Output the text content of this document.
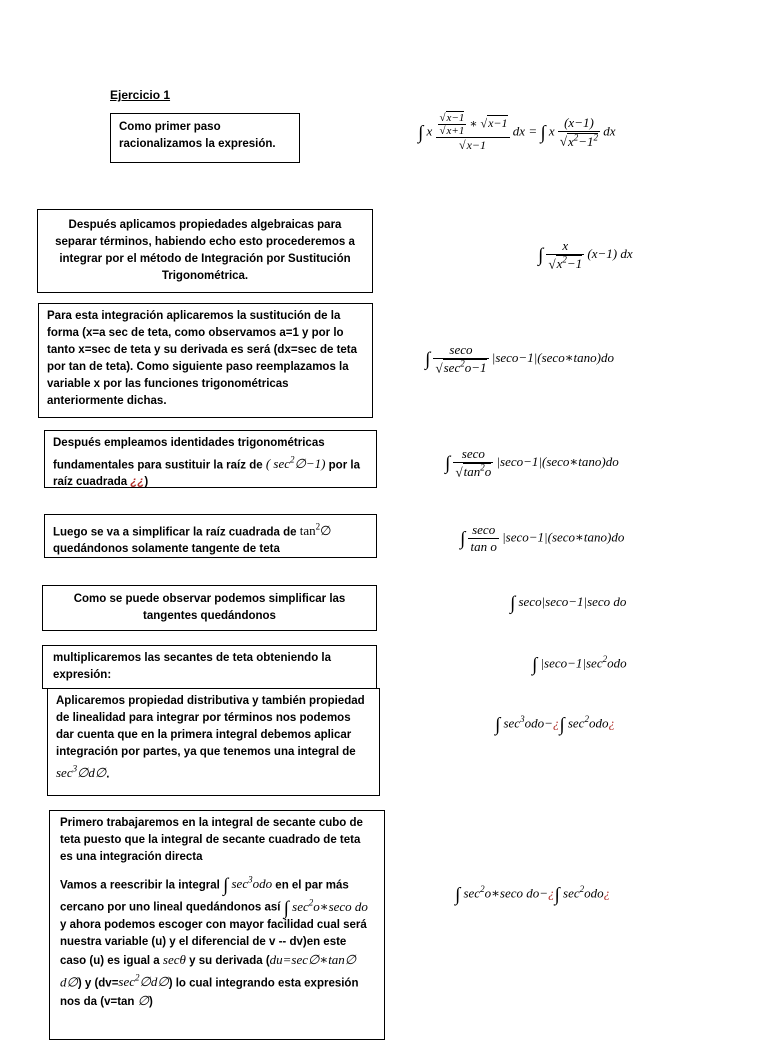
Ejercicio 1
Como primer paso racionalizamos la expresión.
∫ x $\frac{\frac{√x-1}{√x+1} ∗ √x-1}{√x-1}$ dx = ∫ x $\frac{(x-1)}{√x^2-1^2}$ dx
Después aplicamos propiedades algebraicas para separar términos, habiendo echo esto procederemos a integrar por el método de Integración por Sustitución Trigonométrica.
∫ $\frac{x}{√x^2-1} (x-1)$ dx
Para esta integración aplicaremos la sustitución de la forma (x=a sec de teta, como observamos a=1 y por lo tanto x=sec de teta y su derivada es será (dx=sec de teta por tan de teta). Como siguiente paso reemplazamos la variable x por las funciones trigonométricas anteriormente dichas.
∫ $\frac{\sec o}{√\sec^2o-1}$ |seco−1|(seco∗tano)do
Después empleamos identidades trigonométricas fundamentales para sustituir la raíz de ( $\sec^2\emptyset-1$) por la raíz cuadrada ¿¿)
∫ $\frac{\sec o}{√\tan^2o}$ |seco−1|(seco∗tano)do
Luego se va a simplificar la raíz cuadrada de $\tan^2\emptyset$ quedándonos solamente tangente de teta	∫ $\frac{\sec o}{\text{tan o}}$ |seco−1|(seco∗tano)do
Como se puede observar podemos simplificar las tangentes quedándonos
∫ seco|seco−1|seco do
multiplicaremos las secantes de teta obteniendo la expresión:	∫ $|\sec o-1|\sec^2odo$
Aplicaremos propiedad distributiva y también propiedad de linealidad para integrar por términos nos podemos dar cuenta que en la primera integral debemos aplicar integración por partes, ya que tenemos una integral de $\sec^3\emptyset d\emptyset$.
∫ $\sec^3odo-¿\int$ $\sec^2odo¿$

Primero trabajaremos en la integral de secante cubo de teta puesto que la integral de secante cuadrado de teta es una integración directa

Vamos a reescribir la integral ∫ $\sec^3odo$ en el par más cercano por uno lineal quedándonos así ∫ $\sec^2o∗\sec o$ do y ahora podemos escoger con mayor facilidad cual será nuestra variable (u) y el diferencial de v -- dv)en este caso (u) es igual a secθ y su derivada (du=sec∅∗tan∅ d∅) y $(dv=\sec^2\emptyset d\emptyset)$ lo cual integrando esta expresión nos da (v=tan ∅)

∫ $\sec^2o∗\sec o$ do−¿∫ $\sec^2odo¿$
